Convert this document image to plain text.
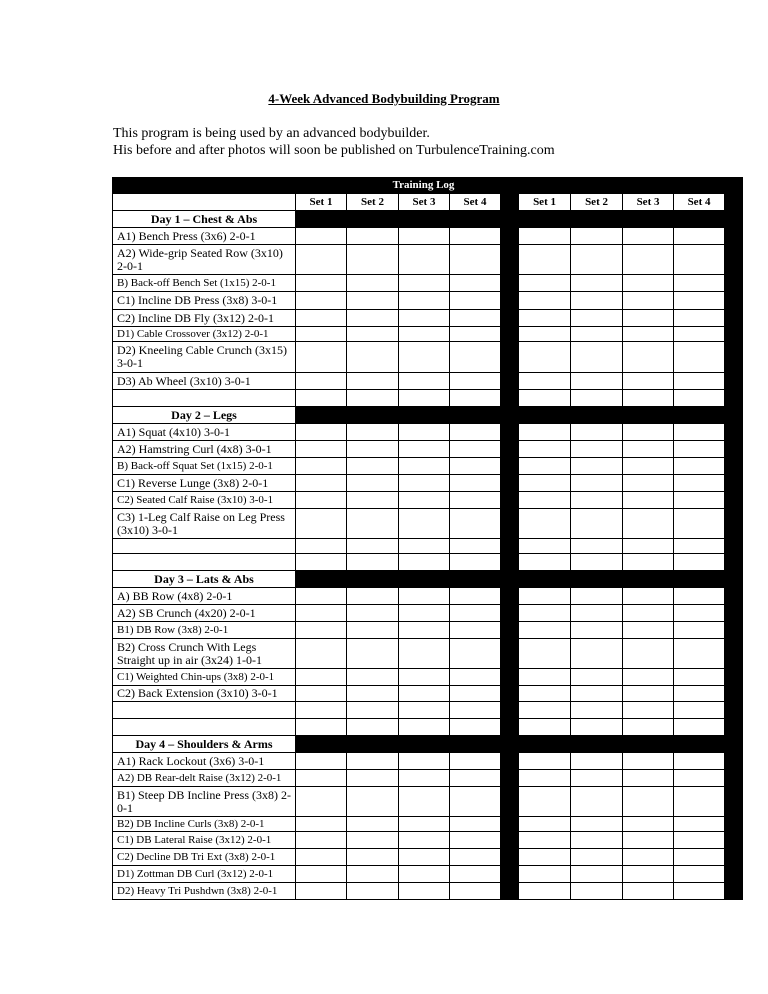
4-Week Advanced Bodybuilding Program
This program is being used by an advanced bodybuilder.
His before and after photos will soon be published on TurbulenceTraining.com
		Training Log									
	Set 1	Set 2	Set 3	Set 4		Set 1	Set 2	Set 3	Set 4		
Day 1 – Chest & Abs											
A1) Bench Press (3x6) 2-0-1											
A2) Wide-grip Seated Row (3x10) 2-0-1											
B) Back-off Bench Set (1x15) 2-0-1											
C1) Incline DB Press (3x8) 3-0-1											
C2) Incline DB Fly (3x12) 2-0-1											
D1) Cable Crossover (3x12) 2-0-1											
D2) Kneeling Cable Crunch (3x15) 3-0-1											
D3) Ab Wheel (3x10) 3-0-1											

Day 2 – Legs											
A1) Squat (4x10) 3-0-1											
A2) Hamstring Curl (4x8) 3-0-1											
B) Back-off Squat Set (1x15) 2-0-1											
C1) Reverse Lunge (3x8) 2-0-1											
C2) Seated Calf Raise (3x10) 3-0-1											
C3) 1-Leg Calf Raise on Leg Press (3x10) 3-0-1											

Day 3 – Lats & Abs											
A) BB Row (4x8) 2-0-1											
A2) SB Crunch (4x20) 2-0-1											
B1) DB Row (3x8) 2-0-1											
B2) Cross Crunch With Legs Straight up in air (3x24) 1-0-1											
C1) Weighted Chin-ups (3x8) 2-0-1											
C2) Back Extension (3x10) 3-0-1											

Day 4 – Shoulders & Arms											
A1) Rack Lockout (3x6) 3-0-1											
A2) DB Rear-delt Raise (3x12) 2-0-1											
B1) Steep DB Incline Press (3x8) 2-0-1											
B2) DB Incline Curls (3x8) 2-0-1											
C1) DB Lateral Raise (3x12) 2-0-1											
C2) Decline DB Tri Ext (3x8) 2-0-1											
D1) Zottman DB Curl (3x12) 2-0-1											
D2) Heavy Tri Pushdwn (3x8) 2-0-1											
